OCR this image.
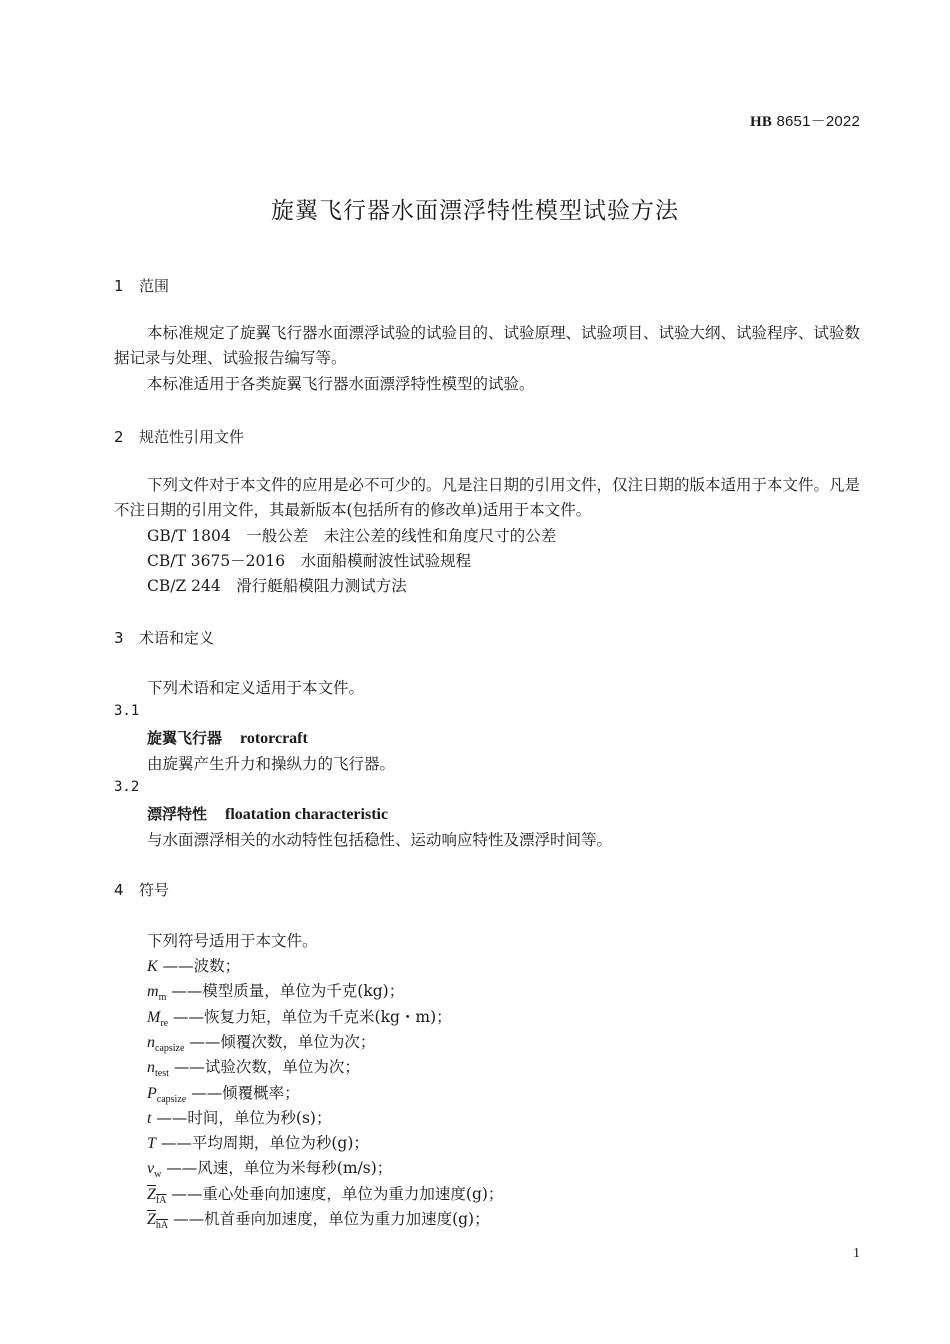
HB 8651－2022
旋翼飞行器水面漂浮特性模型试验方法
1 范围
本标准规定了旋翼飞行器水面漂浮试验的试验目的、试验原理、试验项目、试验大纲、试验程序、试验数据记录与处理、试验报告编写等。
本标准适用于各类旋翼飞行器水面漂浮特性模型的试验。
2 规范性引用文件
下列文件对于本文件的应用是必不可少的。凡是注日期的引用文件，仅注日期的版本适用于本文件。凡是不注日期的引用文件，其最新版本(包括所有的修改单)适用于本文件。
GB/T 1804　 一般公差　未注公差的线性和角度尺寸的公差
CB/T 3675－2016　 水面船模耐波性试验规程
CB/Z 244　 滑行艇船模阻力测试方法
3 术语和定义
下列术语和定义适用于本文件。
3.1
旋翼飞行器 rotorcraft
由旋翼产生升力和操纵力的飞行器。
3.2
漂浮特性 floatation characteristic
与水面漂浮相关的水动特性包括稳性、运动响应特性及漂浮时间等。
4 符号
下列符号适用于本文件。
K ——波数；
$m_m$ ——模型质量，单位为千克(kg)；
$M_{re}$ ——恢复力矩，单位为千克米(kg・m)；
$n_{capsize}$ ——倾覆次数，单位为次；
$n_{test}$ ——试验次数，单位为次；
$P_{capsize}$ ——倾覆概率；
t ——时间，单位为秒(s)；
T ——平均周期，单位为秒(g)；
$v_w$ ——风速，单位为米每秒(m/s)；
$Z_{fA}$ ——重心处垂向加速度，单位为重力加速度(g)；
$Z_{hA}$ ——机首垂向加速度，单位为重力加速度(g)；
1
